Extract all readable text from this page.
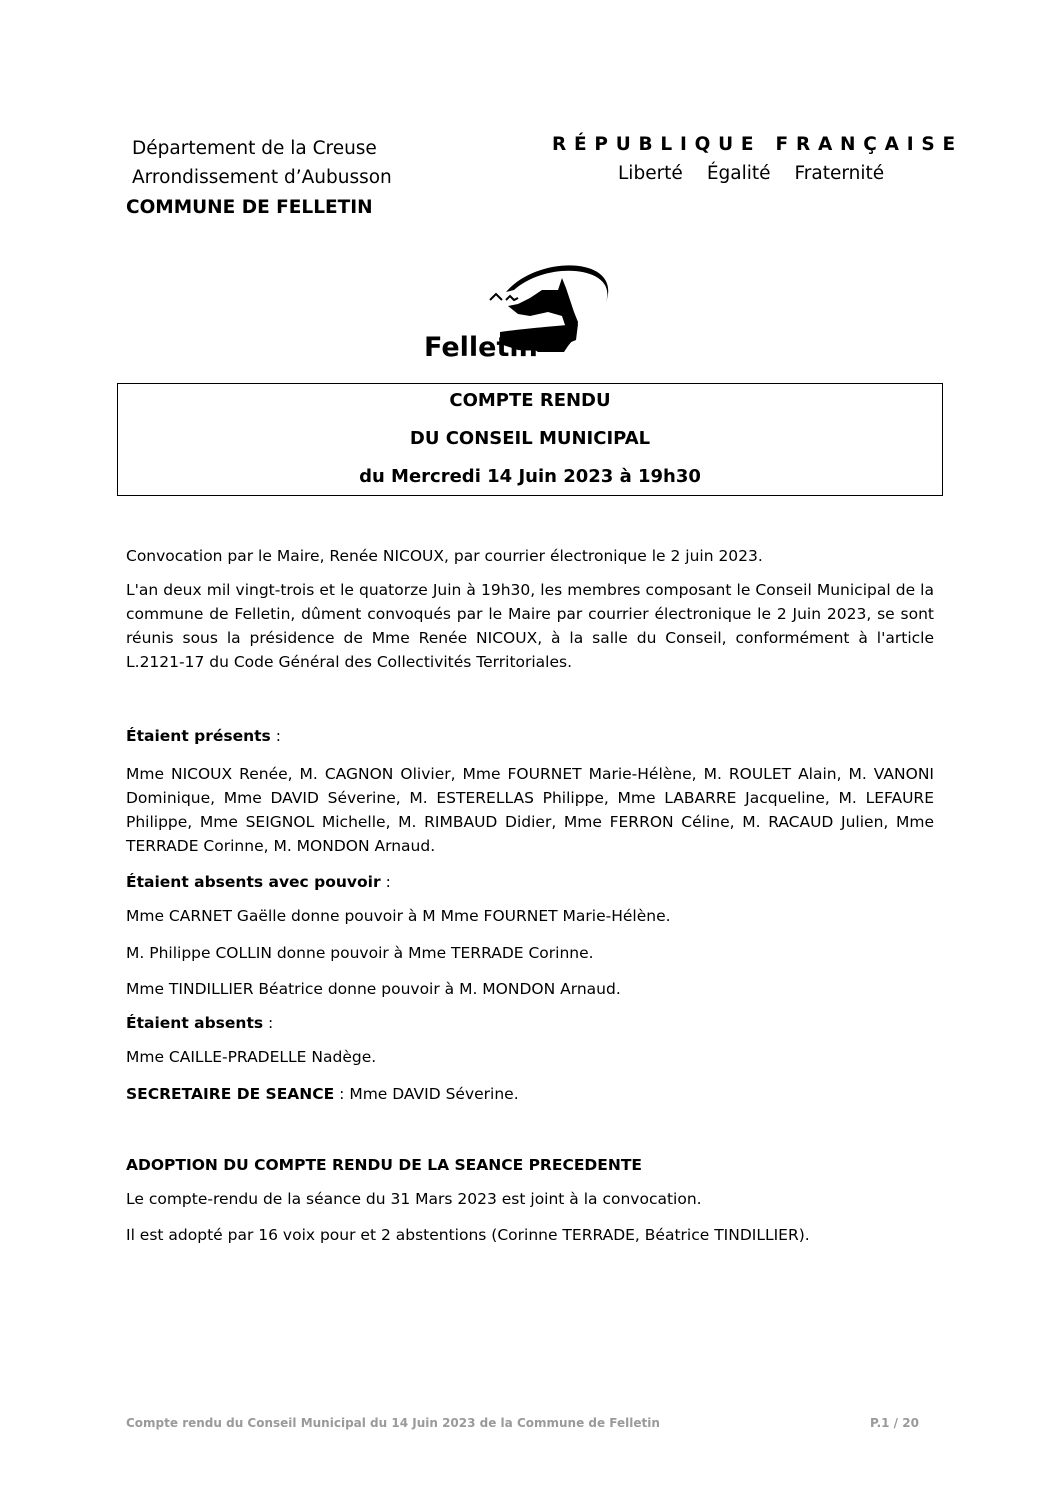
Département de la Creuse
Arrondissement d’Aubusson
COMMUNE DE FELLETIN
RÉPUBLIQUE FRANÇAISE
Liberté Égalité Fraternité
Felletin
COMPTE RENDU
DU CONSEIL MUNICIPAL
du Mercredi 14 Juin 2023 à 19h30

Convocation par le Maire, Renée NICOUX, par courrier électronique le 2 juin 2023.

L'an deux mil vingt-trois et le quatorze Juin à 19h30, les membres composant le Conseil Municipal de la commune de Felletin, dûment convoqués par le Maire par courrier électronique le 2 Juin 2023, se sont réunis sous la présidence de Mme Renée NICOUX, à la salle du Conseil, conformément à l'article L.2121-17 du Code Général des Collectivités Territoriales.

Étaient présents :

Mme NICOUX Renée, M. CAGNON Olivier, Mme FOURNET Marie-Hélène, M. ROULET Alain, M. VANONI Dominique, Mme DAVID Séverine, M. ESTERELLAS Philippe, Mme LABARRE Jacqueline, M. LEFAURE Philippe, Mme SEIGNOL Michelle, M. RIMBAUD Didier, Mme FERRON Céline, M. RACAUD Julien, Mme TERRADE Corinne, M. MONDON Arnaud.

Étaient absents avec pouvoir :

Mme CARNET Gaëlle donne pouvoir à M Mme FOURNET Marie-Hélène.

M. Philippe COLLIN donne pouvoir à Mme TERRADE Corinne.

Mme TINDILLIER Béatrice donne pouvoir à M. MONDON Arnaud.

Étaient absents :

Mme CAILLE-PRADELLE Nadège.

SECRETAIRE DE SEANCE : Mme DAVID Séverine.

ADOPTION DU COMPTE RENDU DE LA SEANCE PRECEDENTE

Le compte-rendu de la séance du 31 Mars 2023 est joint à la convocation.

Il est adopté par 16 voix pour et 2 abstentions (Corinne TERRADE, Béatrice TINDILLIER).

Compte rendu du Conseil Municipal du 14 Juin 2023 de la Commune de Felletin	P.1 / 20
